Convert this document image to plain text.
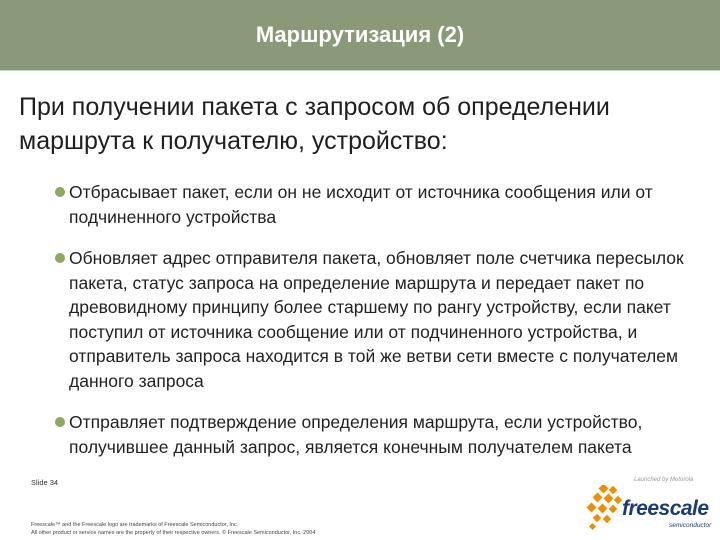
Маршрутизация (2)
При получении пакета с запросом об определении маршрута к получателю, устройство:
Отбрасывает пакет, если он не исходит от источника сообщения или от подчиненного устройства
Обновляет адрес отправителя пакета, обновляет поле счетчика пересылок пакета, статус запроса на определение маршрута и передает пакет по древовидному принципу более старшему по рангу устройству, если пакет поступил от источника сообщение или от подчиненного устройства, и отправитель запроса находится в той же ветви сети вместе с получателем данного запроса
Отправляет подтверждение определения маршрута, если устройство, получившее данный запрос, является конечным получателем пакета
Slide 34
Freescale™ and the Freescale logo are trademarks of Freescale Semiconductor, Inc.
All other product or service names are the property of their respective owners. © Freescale Semiconductor, Inc. 2004
Launched by Motorola
freescale
semiconductor
